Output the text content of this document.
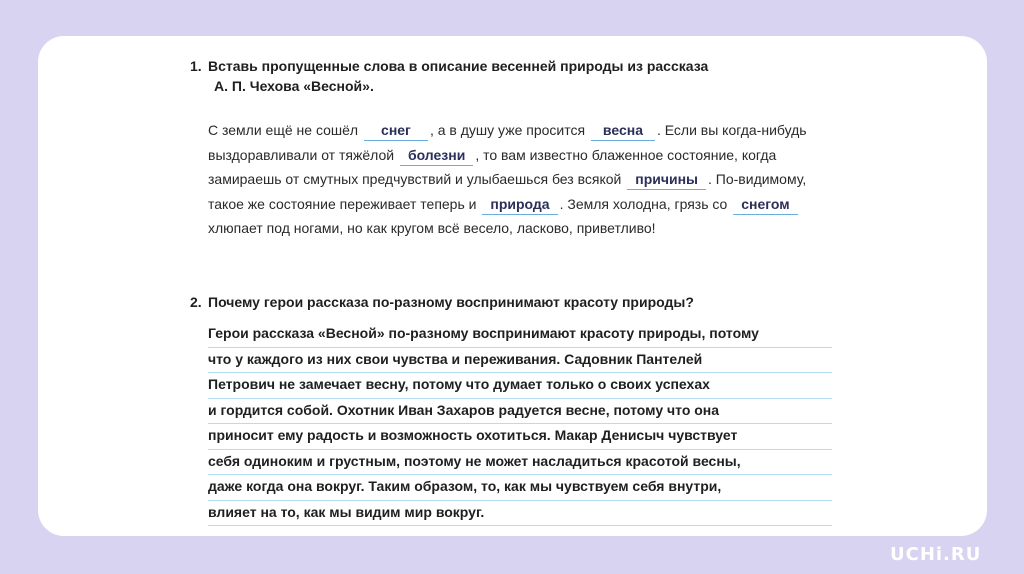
1. Вставь пропущенные слова в описание весенней природы из рассказа
А. П. Чехова «Весной».
С земли ещё не сошёл снег , а в душу уже просится весна . Если вы когда-нибудь выздоравливали от тяжёлой болезни , то вам известно блаженное состояние, когда замираешь от смутных предчувствий и улыбаешься без всякой причины . По-видимому, такое же состояние переживает теперь и природа . Земля холодна, грязь со снегом хлюпает под ногами, но как кругом всё весело, ласково, приветливо!
2. Почему герои рассказа по-разному воспринимают красоту природы?
Герои рассказа «Весной» по-разному воспринимают красоту природы, потому
что у каждого из них свои чувства и переживания. Садовник Пантелей
Петрович не замечает весну, потому что думает только о своих успехах
и гордится собой. Охотник Иван Захаров радуется весне, потому что она
приносит ему радость и возможность охотиться. Макар Денисыч чувствует
себя одиноким и грустным, поэтому не может насладиться красотой весны,
даже когда она вокруг. Таким образом, то, как мы чувствуем себя внутри,
влияет на то, как мы видим мир вокруг.
UCHi.RU
